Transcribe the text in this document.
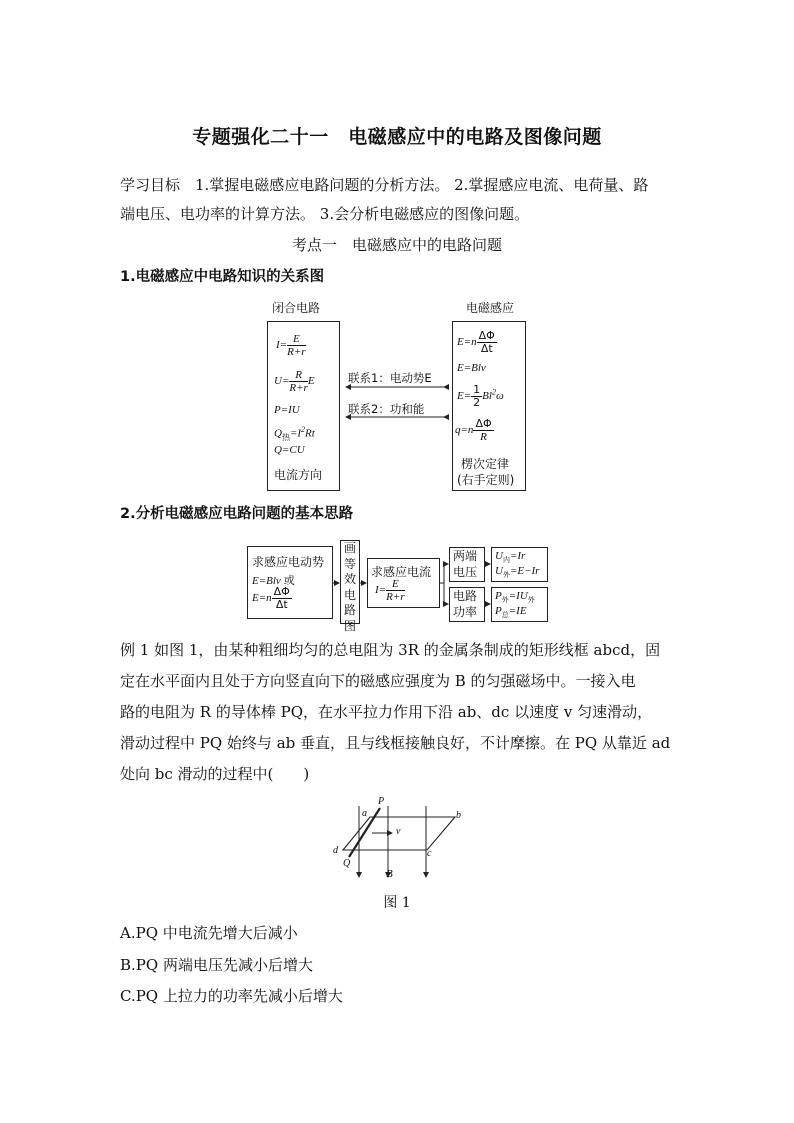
专题强化二十一　电磁感应中的电路及图像问题
学习目标　1.掌握电磁感应电路问题的分析方法。 2.掌握感应电流、电荷量、路
端电压、电功率的计算方法。 3.会分析电磁感应的图像问题。
考点一　电磁感应中的电路问题
1.电磁感应中电路知识的关系图
闭合电路	电磁感应
$I= \frac{E}{R+r}$
$U= \frac{R}{R+r}$ E
P=IU
$Q_热=I^2Rt$
Q=CU
电流方向
$E=n \frac{\Delta\Phi}{\Delta t}$
E=Blv
$E= \frac{1}{2} Bl^2\omega$
$q=n \frac{\Delta\Phi}{R}$
楞次定律
(右手定则)
联系1：电动势E
联系2：功和能
2.分析电磁感应电路问题的基本思路
求感应电动势
E=Blv 或
$E=n \frac{\Delta\Phi}{\Delta t}$
画等效电路图
求感应电流
$I= \frac{E}{R+r}$
两端电压
电路功率
$U_内=Ir$
$U_外=E-Ir$
$P_外=IU_外$
$P_总=IE$
例 1 如图 1，由某种粗细均匀的总电阻为 3R 的金属条制成的矩形线框 abcd，固
定在水平面内且处于方向竖直向下的磁感应强度为 B 的匀强磁场中。一接入电
路的电阻为 R 的导体棒 PQ，在水平拉力作用下沿 ab、dc 以速度 v 匀速滑动，
滑动过程中 PQ 始终与 ab 垂直，且与线框接触良好，不计摩擦。在 PQ 从靠近 ad
处向 bc 滑动的过程中(　　)
a	b
c
d
P
Q
v
B
图 1
A.PQ 中电流先增大后减小
B.PQ 两端电压先减小后增大
C.PQ 上拉力的功率先减小后增大
